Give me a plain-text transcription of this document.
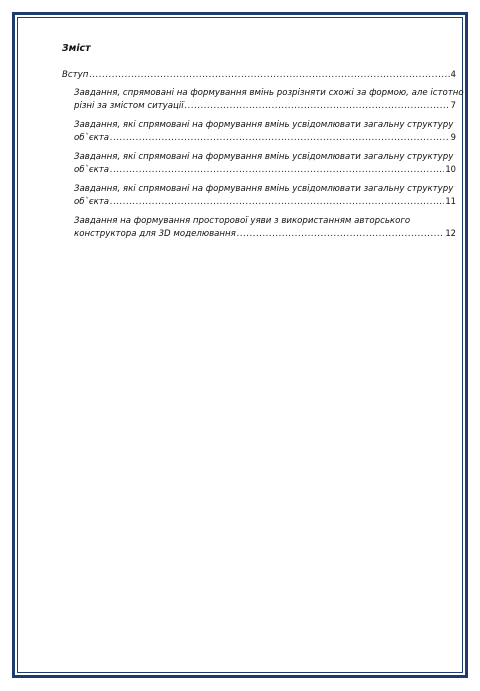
Зміст
Вступ .....	4
Завдання, спрямовані на формування вмінь розрізняти схожі за формою, але істотно
різні за змістом ситуації .....	7
Завдання, які спрямовані на формування вмінь усвідомлювати загальну структуру
об`єкта .....	9
Завдання, які спрямовані на формування вмінь усвідомлювати загальну структуру
об`єкта .....	10
Завдання, які спрямовані на формування вмінь усвідомлювати загальну структуру
об`єкта .....	11
Завдання на формування просторової уяви з використанням авторського
конструктора для 3D моделювання .....	12
